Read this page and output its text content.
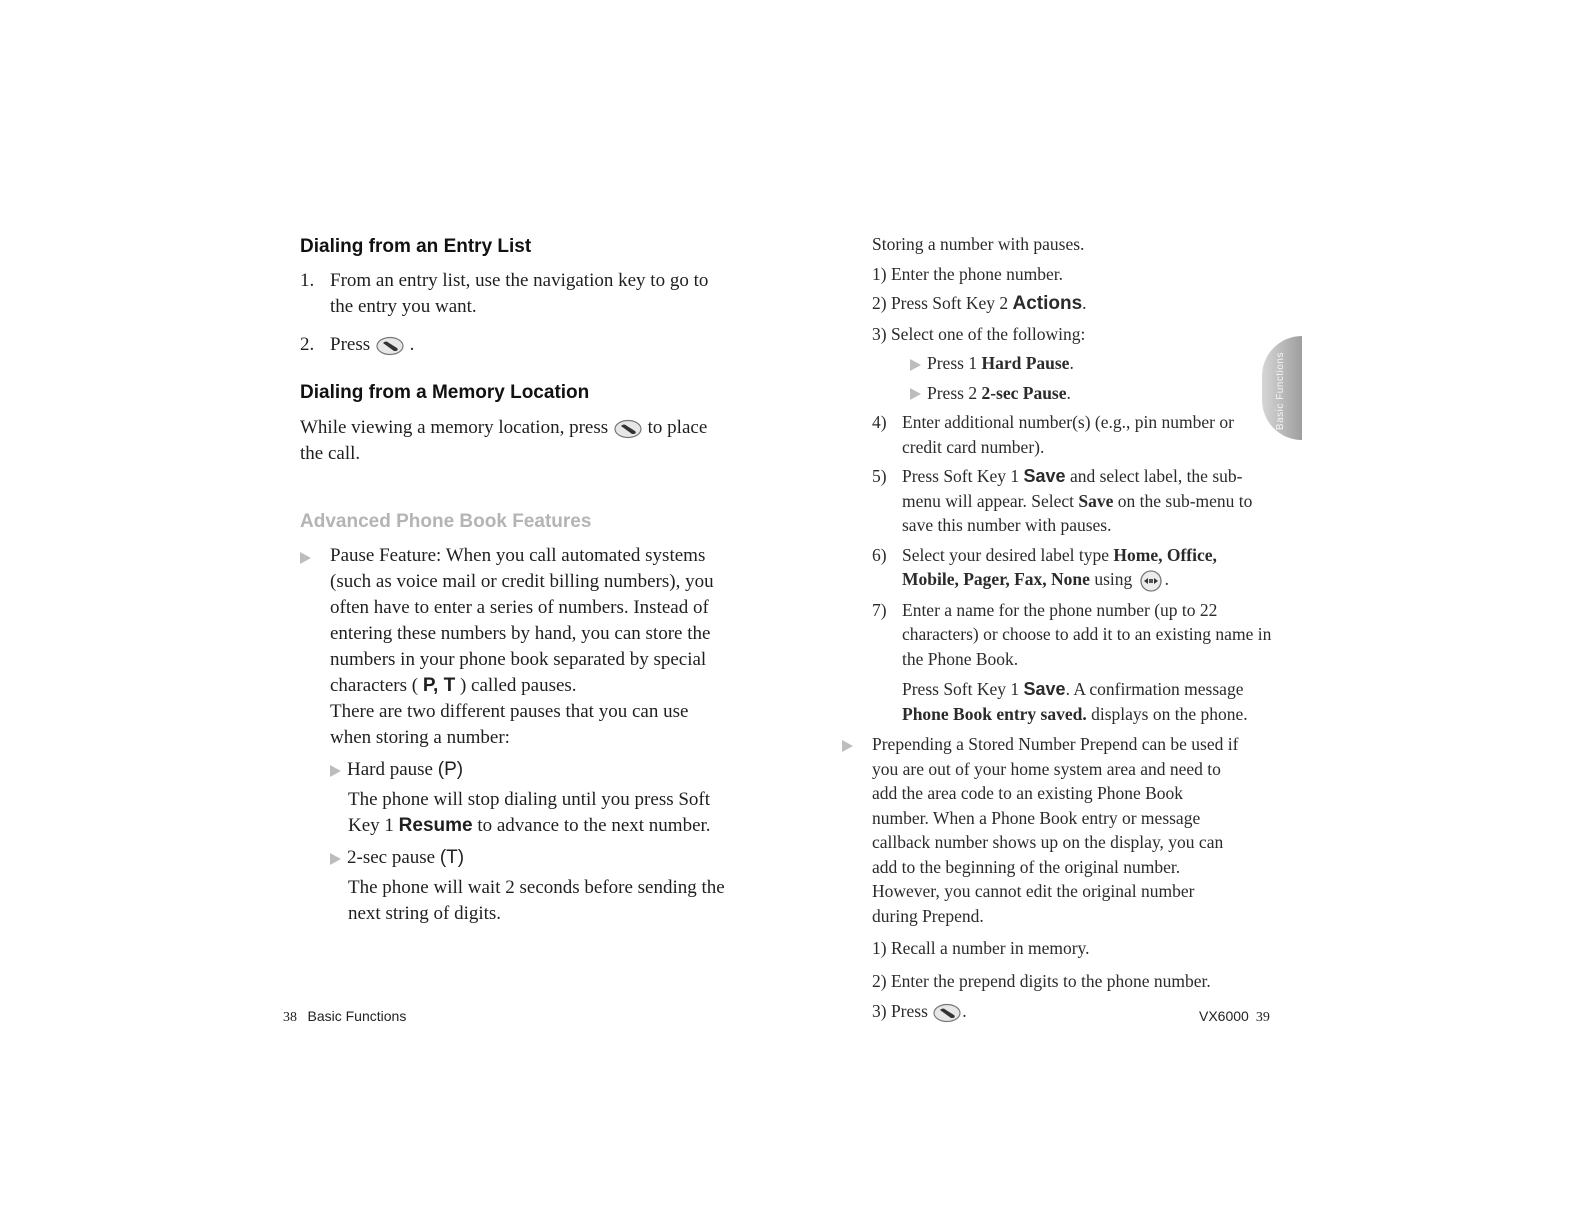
Dialing from an Entry List
1. From an entry list, use the navigation key to go to the entry you want.

2. Press .

Dialing from a Memory Location

While viewing a memory location, press to place the call.

Advanced Phone Book Features

Pause Feature: When you call automated systems (such as voice mail or credit billing numbers), you often have to enter a series of numbers. Instead of entering these numbers by hand, you can store the numbers in your phone book separated by special characters ( P, T ) called pauses.

There are two different pauses that you can use when storing a number:

Hard pause (P)

The phone will stop dialing until you press Soft Key 1 Resume to advance to the next number.

2-sec pause (T)

The phone will wait 2 seconds before sending the next string of digits.

Storing a number with pauses.

1) Enter the phone number.

2) Press Soft Key 2 Actions.

3) Select one of the following:

Press 1 Hard Pause.

Press 2 2-sec Pause.

4) Enter additional number(s) (e.g., pin number or credit card number).

5) Press Soft Key 1 Save and select label, the sub-menu will appear. Select Save on the sub-menu to save this number with pauses.

6) Select your desired label type Home, Office, Mobile, Pager, Fax, None using .

7) Enter a name for the phone number (up to 22 characters) or choose to add it to an existing name in the Phone Book.

Press Soft Key 1 Save. A confirmation message Phone Book entry saved. displays on the phone.

Prepending a Stored Number Prepend can be used if you are out of your home system area and need to add the area code to an existing Phone Book number. When a Phone Book entry or message callback number shows up on the display, you can add to the beginning of the original number. However, you cannot edit the original number during Prepend.

1) Recall a number in memory.

2) Enter the prepend digits to the phone number.

3) Press .

Basic Functions
38 Basic Functions	VX6000 39
